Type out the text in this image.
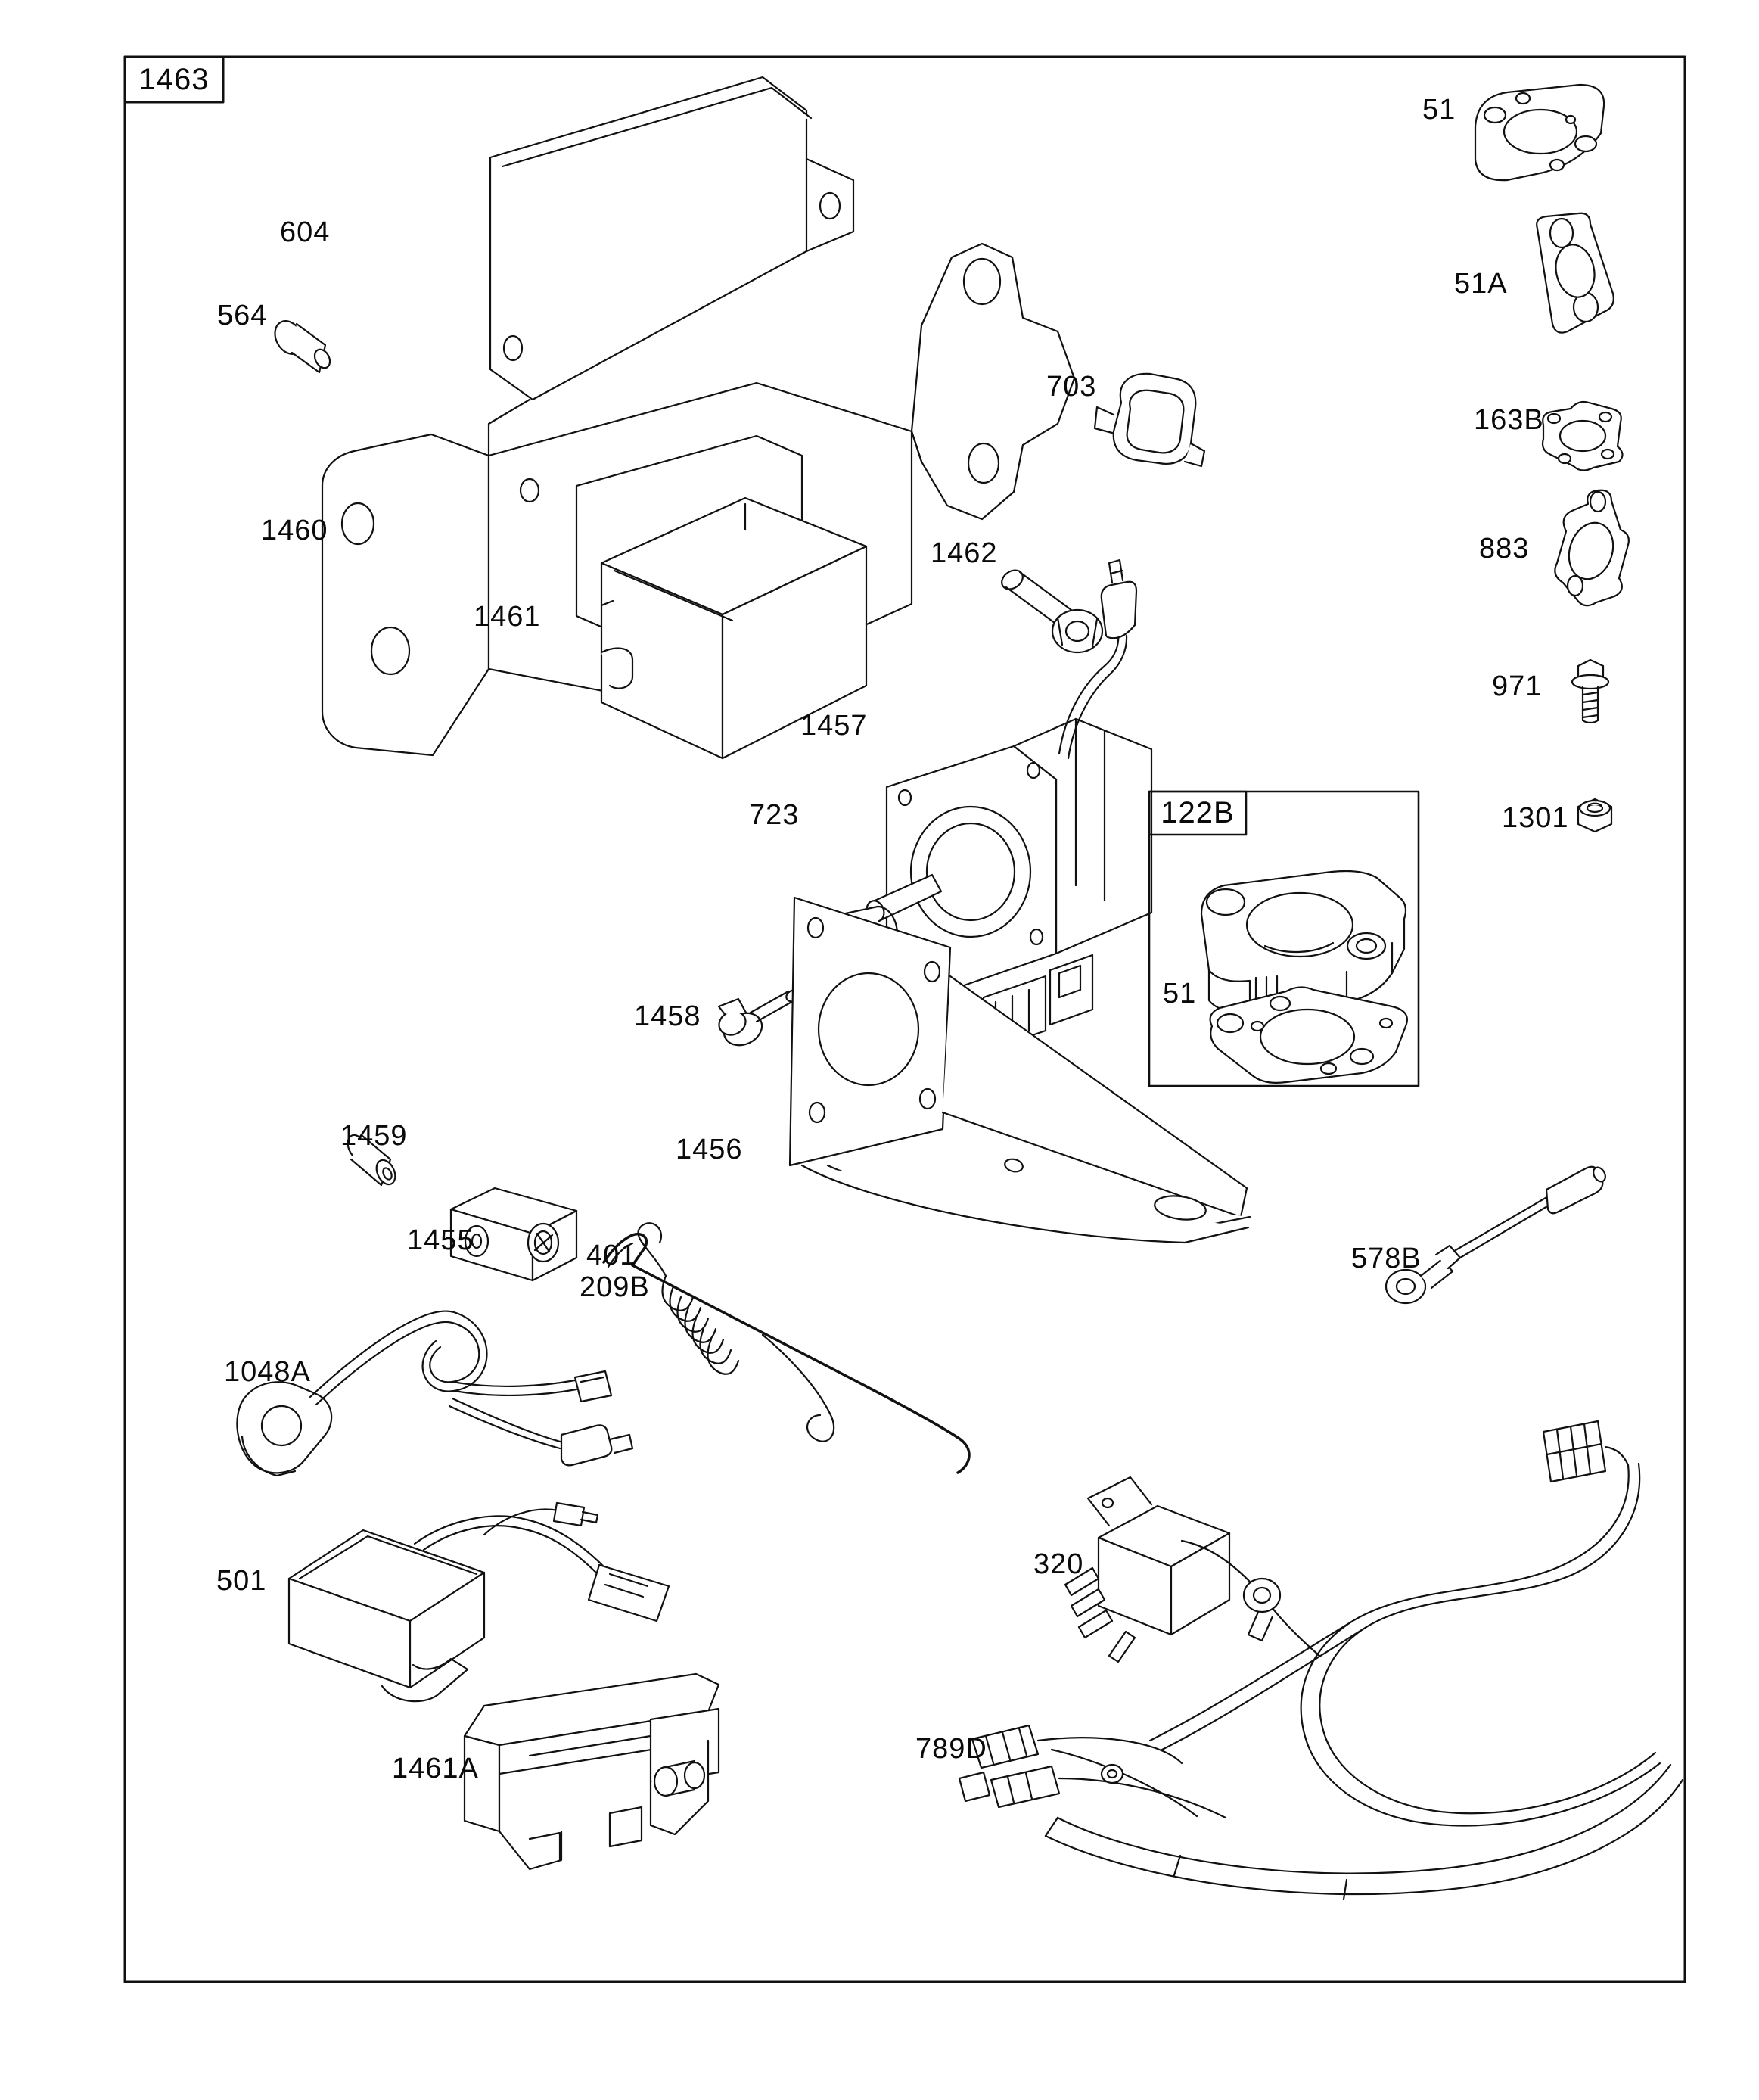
1463
122B
604
564
703
51
51A
163B
883
971
1301
1460
1462
1461
1457
723
51
1458
1459	1456
1455	401
209B
1048A
578B
501
320
1461A
789D
